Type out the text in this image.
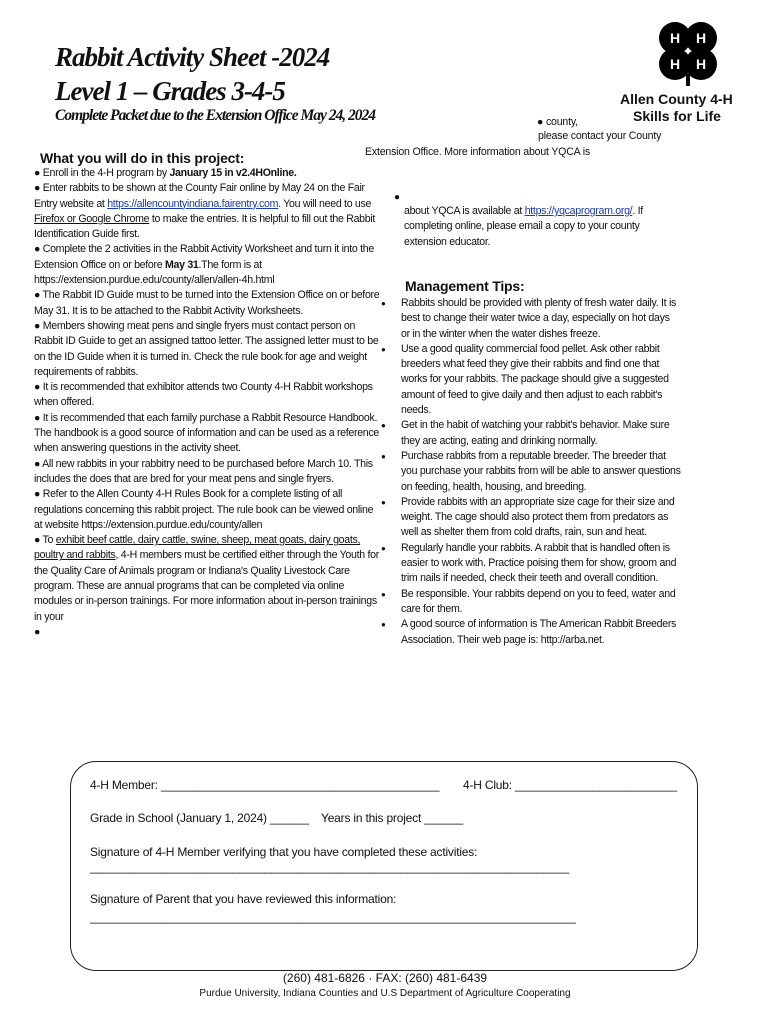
Rabbit Activity Sheet -2024
Level 1 – Grades 3-4-5
Complete Packet due to the Extension Office May 24, 2024
H H
H H
Allen County 4-H
Skills for Life
● county,
please contact your County
Extension Office. More information about YQCA is
What you will do in this project:

● Enroll in the 4-H program by January 15 in v2.4HOnline.

● Enter rabbits to be shown at the County Fair online by May 24 on the Fair Entry website at https://allencountyindiana.fairentry.com. You will need to use Firefox or Google Chrome to make the entries. It is helpful to fill out the Rabbit Identification Guide first.

● Complete the 2 activities in the Rabbit Activity Worksheet and turn it into the Extension Office on or before May 31.The form is at https://extension.purdue.edu/county/allen/allen-4h.html

● The Rabbit ID Guide must to be turned into the Extension Office on or before May 31. It is to be attached to the Rabbit Activity Worksheets.

● Members showing meat pens and single fryers must contact person on Rabbit ID Guide to get an assigned tattoo letter. The assigned letter must to be on the ID Guide when it is turned in. Check the rule book for age and weight requirements of rabbits.

● It is recommended that exhibitor attends two County 4-H Rabbit workshops when offered.

● It is recommended that each family purchase a Rabbit Resource Handbook. The handbook is a good source of information and can be used as a reference when answering questions in the activity sheet.

● All new rabbits in your rabbitry need to be purchased before March 10. This includes the does that are bred for your meat pens and single fryers.

● Refer to the Allen County 4-H Rules Book for a complete listing of all regulations concerning this rabbit project. The rule book can be viewed online at website https://extension.purdue.edu/county/allen

● To exhibit beef cattle, dairy cattle, swine, sheep, meat goats, dairy goats, poultry and rabbits, 4-H members must be certified either through the Youth for the Quality Care of Animals program or Indiana's Quality Livestock Care program. These are annual programs that can be completed via online modules or in-person trainings. For more information about in-person trainings in your

●

●
about YQCA is available at https://yqcaprogram.org/. If completing online, please email a copy to your county extension educator.
Management Tips:
● Rabbits should be provided with plenty of fresh water daily. It is best to change their water twice a day, especially on hot days or in the winter when the water dishes freeze.
● Use a good quality commercial food pellet. Ask other rabbit breeders what feed they give their rabbits and find one that works for your rabbits. The package should give a suggested amount of feed to give daily and then adjust to each rabbit's needs.
● Get in the habit of watching your rabbit's behavior. Make sure they are acting, eating and drinking normally.
● Purchase rabbits from a reputable breeder. The breeder that you purchase your rabbits from will be able to answer questions on feeding, health, housing, and breeding.
● Provide rabbits with an appropriate size cage for their size and weight. The cage should also protect them from predators as well as shelter them from cold drafts, rain, sun and heat.
● Regularly handle your rabbits. A rabbit that is handled often is easier to work with. Practice poising them for show, groom and trim nails if needed, check their teeth and overall condition.
● Be responsible. Your rabbits depend on you to feed, water and care for them.
● A good source of information is The American Rabbit Breeders Association. Their web page is: http://arba.net.
4-H Member: ___________________________________________ 4-H Club: _________________________
Grade in School (January 1, 2024) ______ Years in this project ______
Signature of 4-H Member verifying that you have completed these activities:
__________________________________________________________________________
Signature of Parent that you have reviewed this information:
___________________________________________________________________________
(260) 481-6826 · FAX: (260) 481-6439
Purdue University, Indiana Counties and U.S Department of Agriculture Cooperating
